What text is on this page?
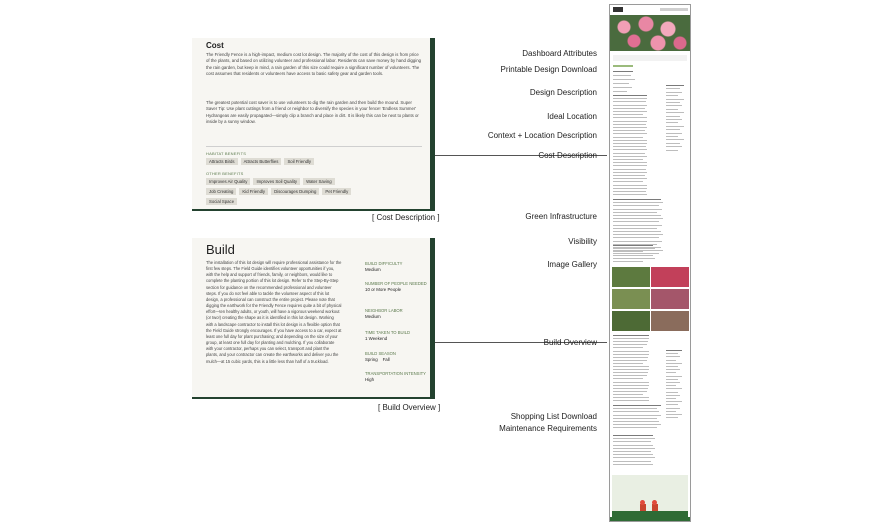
Cost
The Friendly Fence is a high-impact, medium cost lot design. The majority of the cost of this design is from price of the plants, and based on utilizing volunteer and professional labor. Residents can save money by hand digging the rain garden, but keep in mind, a rain garden of this size could require a significant number of volunteers. The cost assumes that residents or volunteers have access to basic safety gear and garden tools.
The greatest potential cost saver is to use volunteers to dig the rain garden and then build the mound. Super Saver Tip: Use plant cuttings from a friend or neighbor to diversify the species in your fence! 'Endless Summer' Hydrangeas are easily propagated—simply clip a branch and place in dirt. It is likely this can be next to plants or inside by a sunny window.
HABITAT BENEFITS
Attracts Birds	Attracts Butterflies	Soil Friendly
OTHER BENEFITS
Improves Air Quality	Improves Soil Quality	Water Saving
Job Creating	Kid Friendly	Discourages Dumping	Pet Friendly
Social Space
[ Cost Description ]
Build
The installation of this lot design will require professional assistance for the first few steps. The Field Guide identifies volunteer opportunities if you, with the help and support of friends, family, or neighbors, would like to complete the planting portion of this lot design. Refer to the Step-By-Step section for guidance on the recommended professional and volunteer steps. If you do not feel able to tackle the volunteer aspect of this lot design, a professional can construct the entire project. Please note that digging the earthwork for the Friendly Fence requires quite a bit of physical effort—ten healthy adults, or youth, will have a vigorous weekend workout (or two!) creating the shape as it is identified in this lot design. Working with a landscape contractor to install this lot design is a flexible option that the Field Guide strongly encourages. If you have access to a car, expect at least one full day for plant purchasing; and depending on the size of your group, at least one full day for planting and mulching. If you collaborate with your contractor, perhaps you can select, transport and plant the plants, and your contractor can create the earthworks and deliver you the mulch—at 15 cubic yards, this is a little less than half of a truckload.
BUILD DIFFICULTY
Medium
NUMBER OF PEOPLE NEEDED
10 or More People
NEIGHBOR LABOR
Medium
TIME TAKEN TO BUILD
1 Weekend
BUILD SEASON
Spring    Fall
TRANSPORTATION INTENSITY
High
[ Build Overview ]
Dashboard Attributes
Printable Design Download
Design Description
Ideal Location
Context + Location Description
Cost Description
Green Infrastructure
Visibility
Image Gallery
Build Overview
Shopping List Download
Maintenance Requirements
